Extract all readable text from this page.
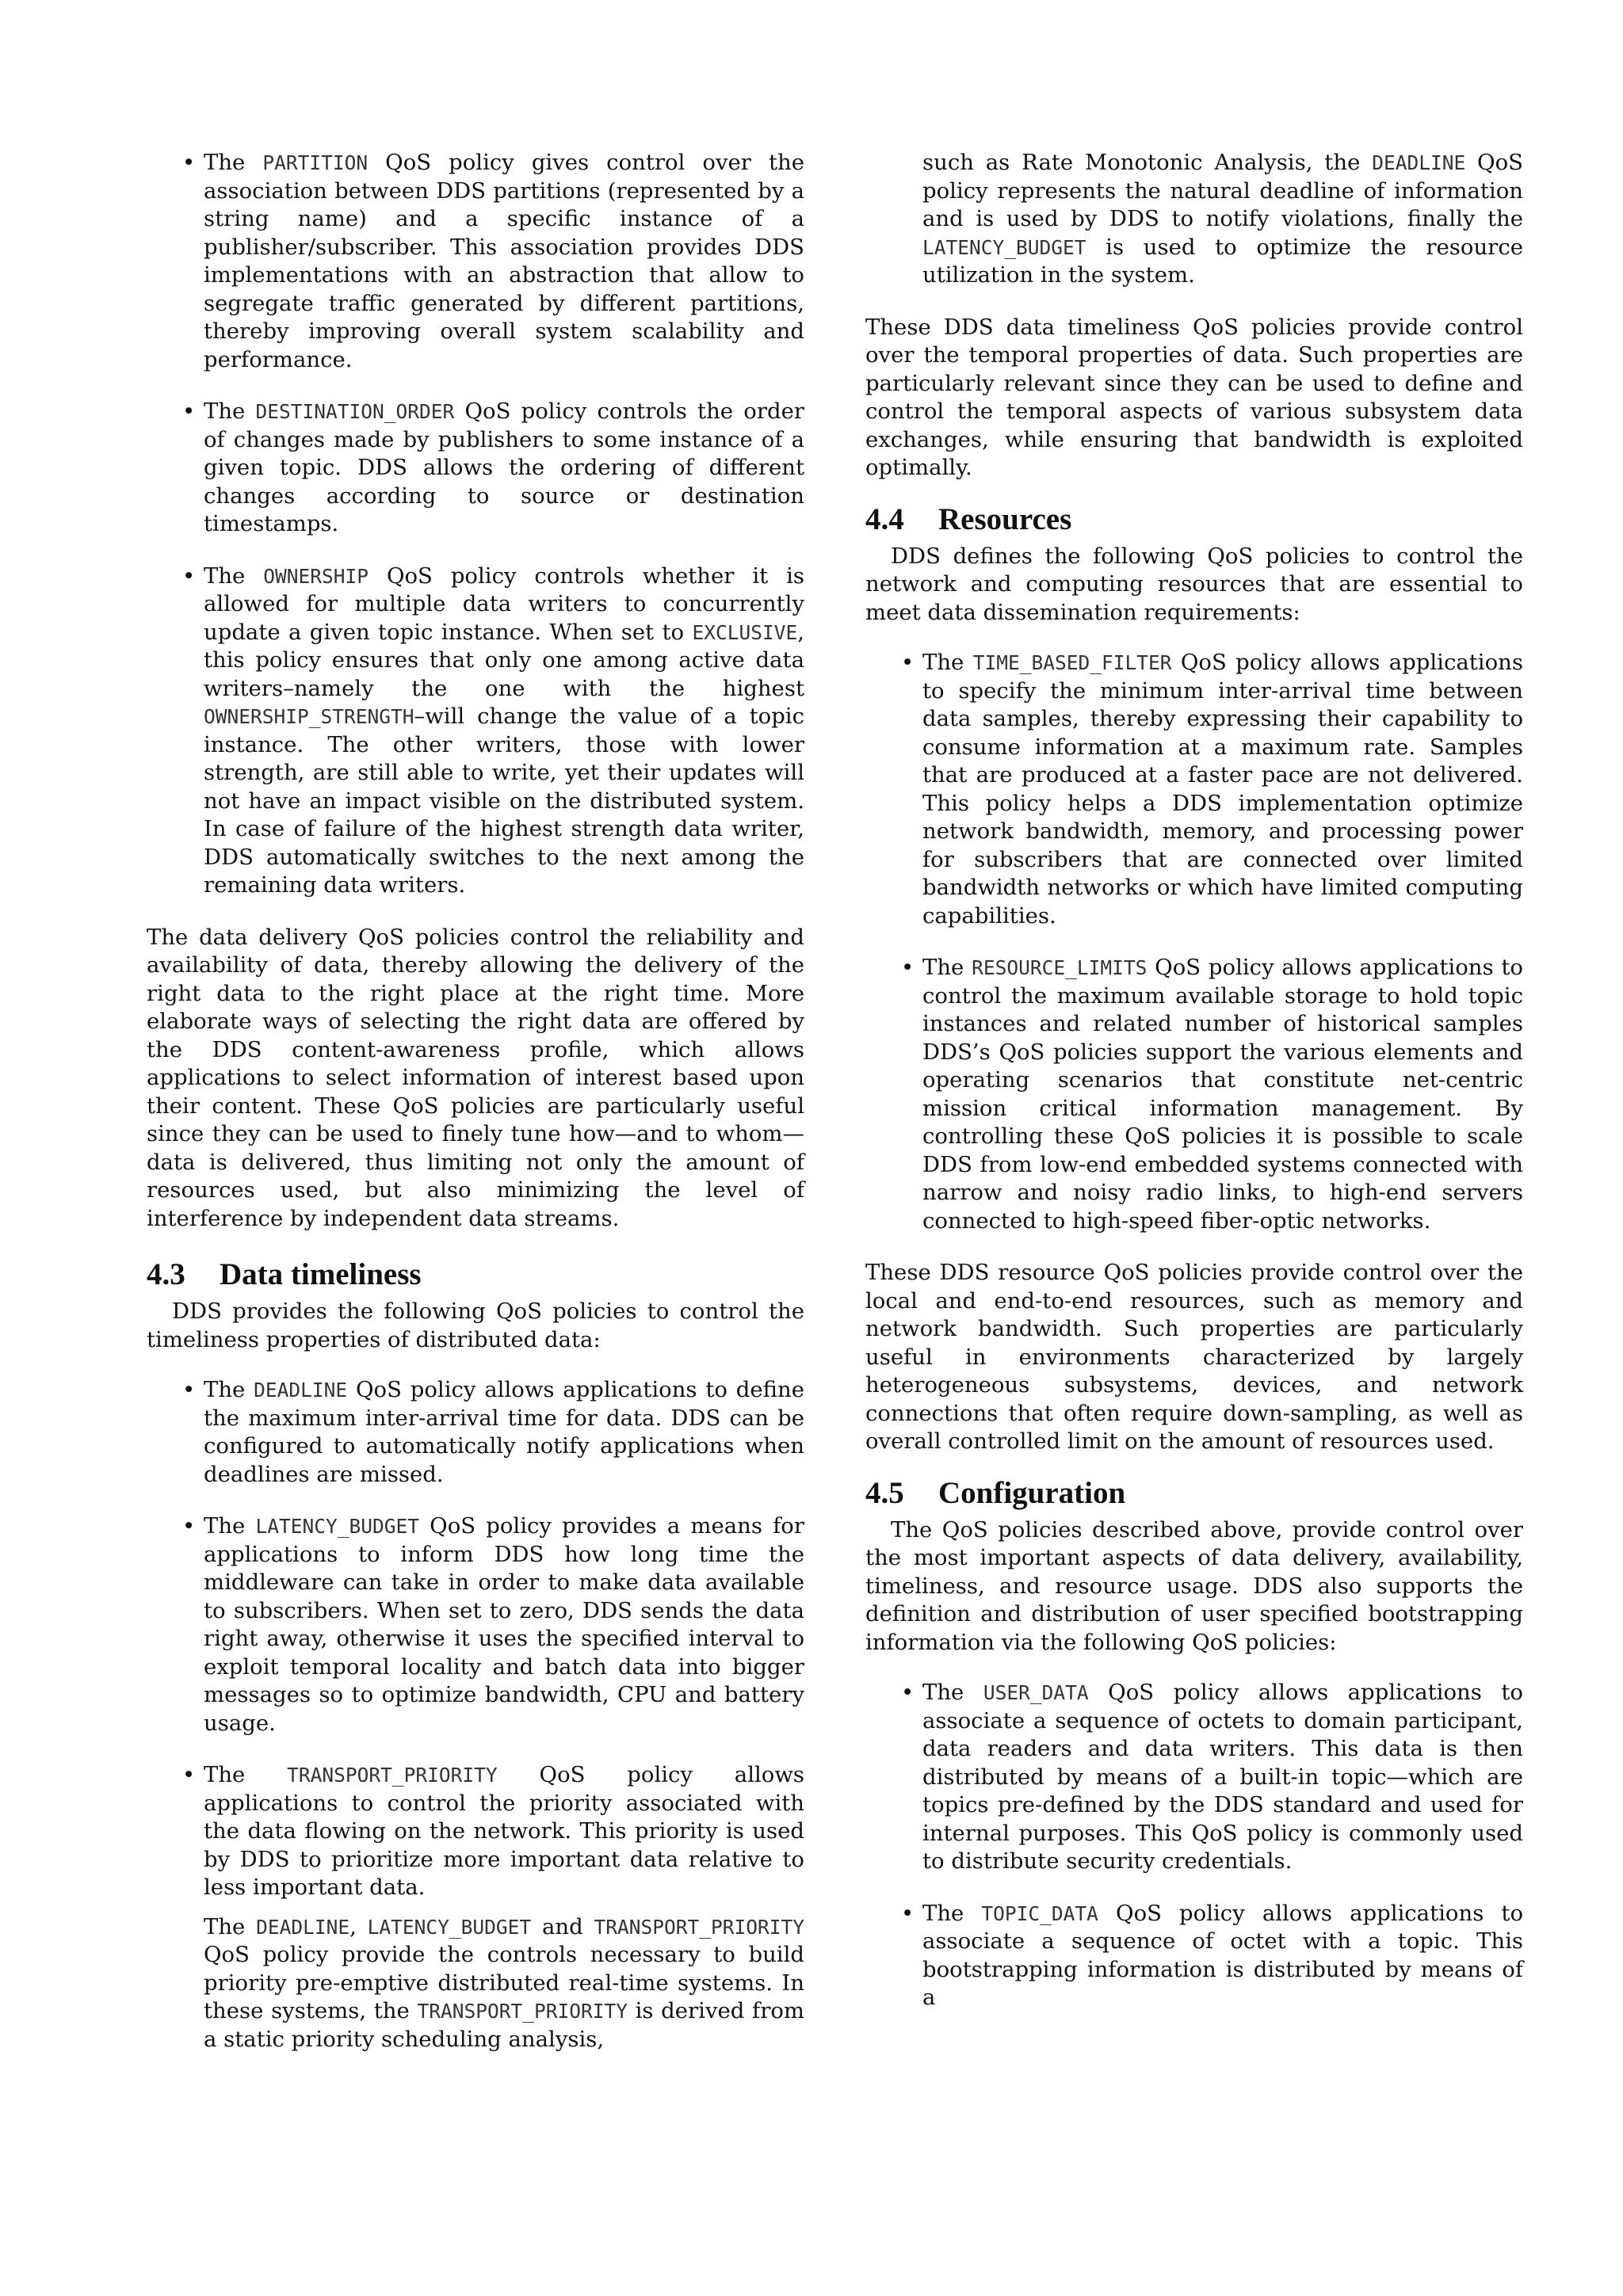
• The PARTITION QoS policy gives control over the association between DDS partitions (represented by a string name) and a specific instance of a publisher/subscriber. This association provides DDS implementations with an abstraction that allow to segregate traffic generated by different partitions, thereby improving overall system scalability and performance.

• The DESTINATION_ORDER QoS policy controls the order of changes made by publishers to some instance of a given topic. DDS allows the ordering of different changes according to source or destination timestamps.

• The OWNERSHIP QoS policy controls whether it is allowed for multiple data writers to concurrently update a given topic instance. When set to EXCLUSIVE, this policy ensures that only one among active data writers–namely the one with the highest OWNERSHIP_STRENGTH–will change the value of a topic instance. The other writers, those with lower strength, are still able to write, yet their updates will not have an impact visible on the distributed system. In case of failure of the highest strength data writer, DDS automatically switches to the next among the remaining data writers.

The data delivery QoS policies control the reliability and availability of data, thereby allowing the delivery of the right data to the right place at the right time. More elaborate ways of selecting the right data are offered by the DDS content-awareness profile, which allows applications to select information of interest based upon their content. These QoS policies are particularly useful since they can be used to finely tune how—and to whom—data is delivered, thus limiting not only the amount of resources used, but also minimizing the level of interference by independent data streams.

4.3 Data timeliness

DDS provides the following QoS policies to control the timeliness properties of distributed data:

• The DEADLINE QoS policy allows applications to define the maximum inter-arrival time for data. DDS can be configured to automatically notify applications when deadlines are missed.

• The LATENCY_BUDGET QoS policy provides a means for applications to inform DDS how long time the middleware can take in order to make data available to subscribers. When set to zero, DDS sends the data right away, otherwise it uses the specified interval to exploit temporal locality and batch data into bigger messages so to optimize bandwidth, CPU and battery usage.

• The TRANSPORT_PRIORITY QoS policy allows applications to control the priority associated with the data flowing on the network. This priority is used by DDS to prioritize more important data relative to less important data.

The DEADLINE, LATENCY_BUDGET and TRANSPORT_PRIORITY QoS policy provide the controls necessary to build priority pre-emptive distributed real-time systems. In these systems, the TRANSPORT_PRIORITY is derived from a static priority scheduling analysis,

such as Rate Monotonic Analysis, the DEADLINE QoS policy represents the natural deadline of information and is used by DDS to notify violations, finally the LATENCY_BUDGET is used to optimize the resource utilization in the system.

These DDS data timeliness QoS policies provide control over the temporal properties of data. Such properties are particularly relevant since they can be used to define and control the temporal aspects of various subsystem data exchanges, while ensuring that bandwidth is exploited optimally.

4.4 Resources

DDS defines the following QoS policies to control the network and computing resources that are essential to meet data dissemination requirements:

• The TIME_BASED_FILTER QoS policy allows applications to specify the minimum inter-arrival time between data samples, thereby expressing their capability to consume information at a maximum rate. Samples that are produced at a faster pace are not delivered. This policy helps a DDS implementation optimize network bandwidth, memory, and processing power for subscribers that are connected over limited bandwidth networks or which have limited computing capabilities.

• The RESOURCE_LIMITS QoS policy allows applications to control the maximum available storage to hold topic instances and related number of historical samples DDS’s QoS policies support the various elements and operating scenarios that constitute net-centric mission critical information management. By controlling these QoS policies it is possible to scale DDS from low-end embedded systems connected with narrow and noisy radio links, to high-end servers connected to high-speed fiber-optic networks.

These DDS resource QoS policies provide control over the local and end-to-end resources, such as memory and network bandwidth. Such properties are particularly useful in environments characterized by largely heterogeneous subsystems, devices, and network connections that often require down-sampling, as well as overall controlled limit on the amount of resources used.

4.5 Configuration

The QoS policies described above, provide control over the most important aspects of data delivery, availability, timeliness, and resource usage. DDS also supports the definition and distribution of user specified bootstrapping information via the following QoS policies:

• The USER_DATA QoS policy allows applications to associate a sequence of octets to domain participant, data readers and data writers. This data is then distributed by means of a built-in topic—which are topics pre-defined by the DDS standard and used for internal purposes. This QoS policy is commonly used to distribute security credentials.

• The TOPIC_DATA QoS policy allows applications to associate a sequence of octet with a topic. This bootstrapping information is distributed by means of a
